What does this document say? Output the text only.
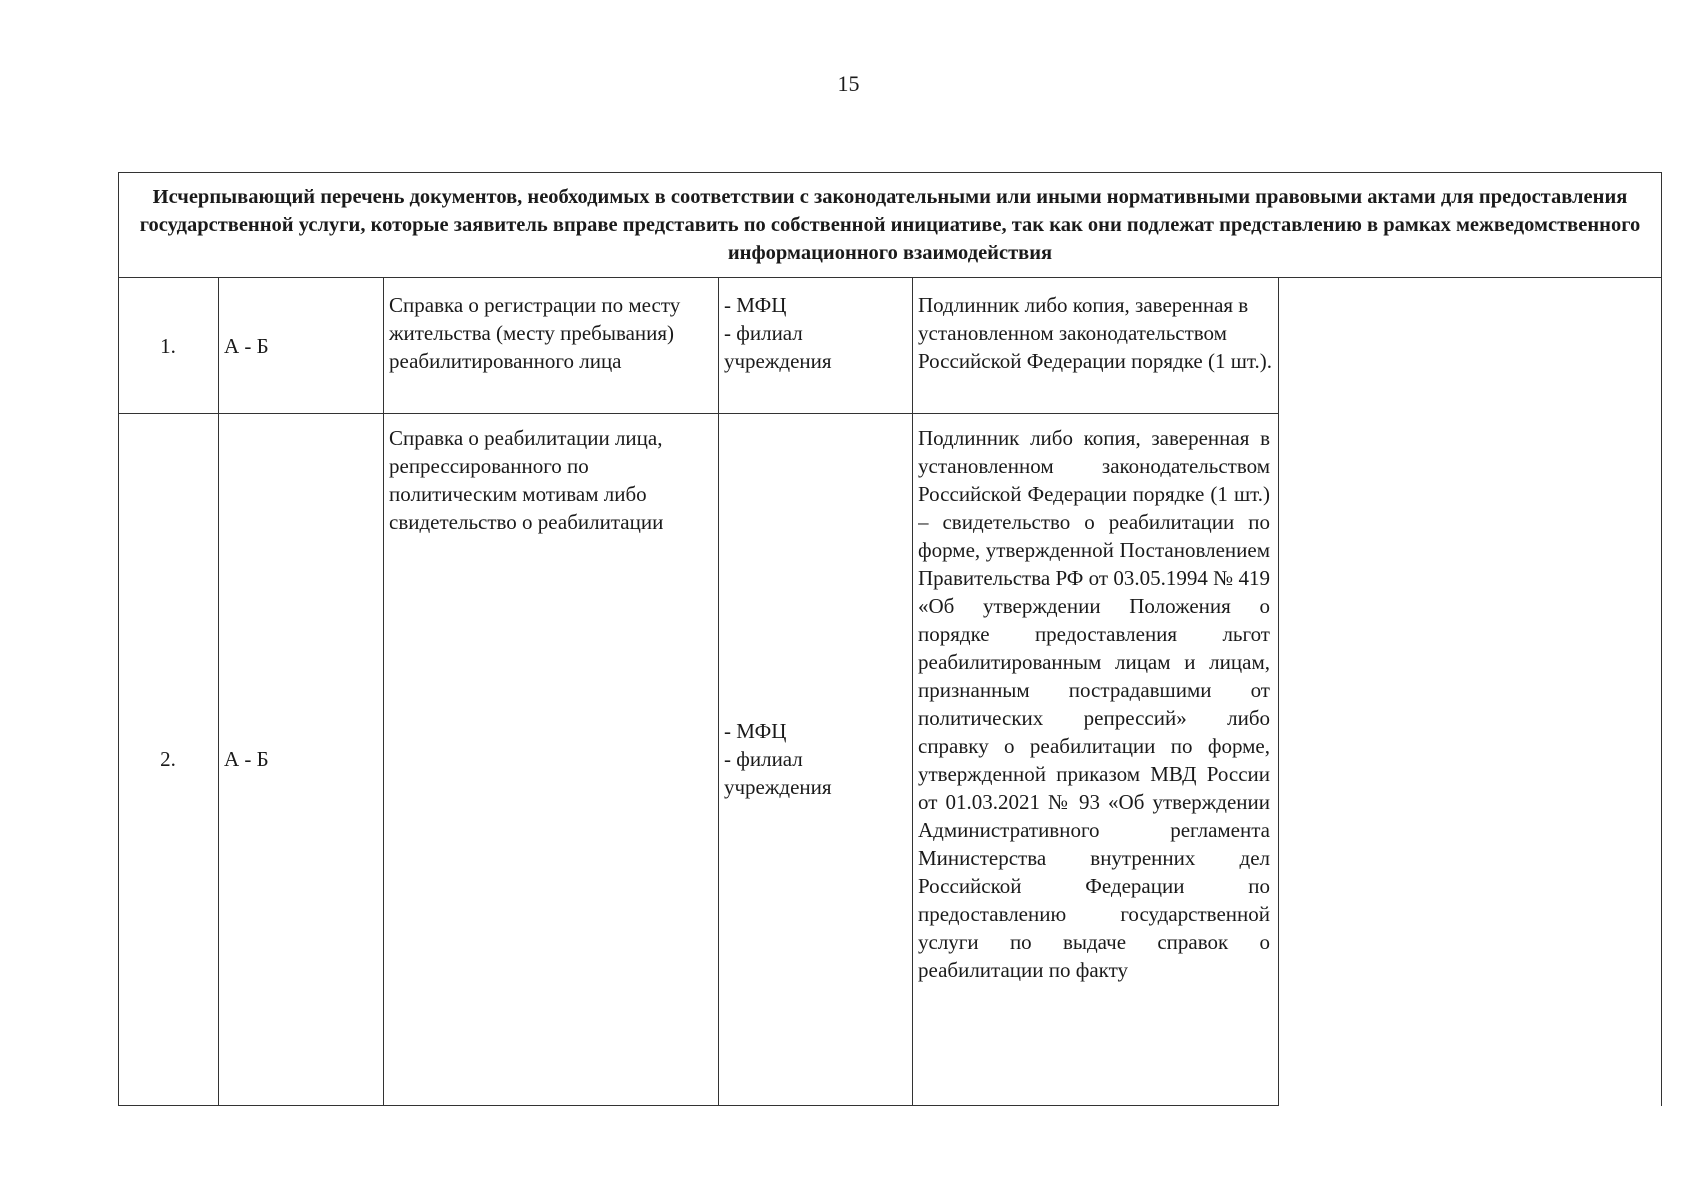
15
Исчерпывающий перечень документов, необходимых в соответствии с законодательными или иными нормативными правовыми актами для предоставления государственной услуги, которые заявитель вправе представить по собственной инициативе, так как они подлежат представлению в рамках межведомственного информационного взаимодействия
1. А - Б
Справка о регистрации по месту жительства (месту пребывания) реабилитированного лица
- МФЦ
- филиал учреждения
Подлинник либо копия, заверенная в установленном законодательством Российской Федерации порядке (1 шт.).
2. А - Б
Справка о реабилитации лица, репрессированного по политическим мотивам либо свидетельство о реабилитации
- МФЦ
- филиал учреждения
Подлинник либо копия, заверенная в установленном законодательством Российской Федерации порядке (1 шт.) – свидетельство о реабилитации по форме, утвержденной Постановлением Правительства РФ от 03.05.1994 № 419 «Об утверждении Положения о порядке предоставления льгот реабилитированным лицам и лицам, признанным пострадавшими от политических репрессий» либо справку о реабилитации по форме, утвержденной приказом МВД России от 01.03.2021 № 93 «Об утверждении Административного регламента Министерства внутренних дел Российской Федерации по предоставлению государственной услуги по выдаче справок о реабилитации по факту
